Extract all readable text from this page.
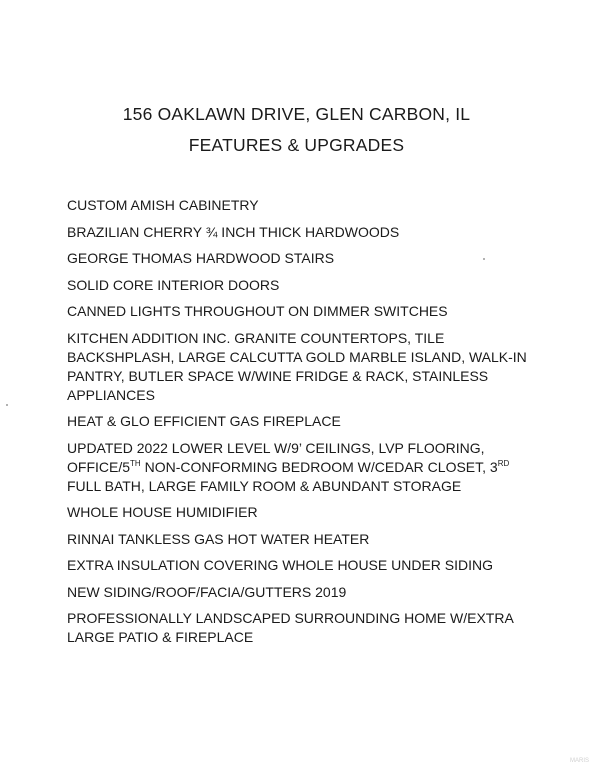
156 OAKLAWN DRIVE, GLEN CARBON, IL
FEATURES & UPGRADES
CUSTOM AMISH CABINETRY
BRAZILIAN CHERRY ¾ INCH THICK HARDWOODS
GEORGE THOMAS HARDWOOD STAIRS
SOLID CORE INTERIOR DOORS
CANNED LIGHTS THROUGHOUT ON DIMMER SWITCHES
KITCHEN ADDITION INC. GRANITE COUNTERTOPS, TILE
BACKSHPLASH, LARGE CALCUTTA GOLD MARBLE ISLAND, WALK-IN
PANTRY, BUTLER SPACE W/WINE FRIDGE & RACK, STAINLESS
APPLIANCES
HEAT & GLO EFFICIENT GAS FIREPLACE
UPDATED 2022 LOWER LEVEL W/9’ CEILINGS, LVP FLOORING,
OFFICE/5TH NON-CONFORMING BEDROOM W/CEDAR CLOSET, 3RD
FULL BATH, LARGE FAMILY ROOM & ABUNDANT STORAGE
WHOLE HOUSE HUMIDIFIER
RINNAI TANKLESS GAS HOT WATER HEATER
EXTRA INSULATION COVERING WHOLE HOUSE UNDER SIDING
NEW SIDING/ROOF/FACIA/GUTTERS 2019
PROFESSIONALLY LANDSCAPED SURROUNDING HOME W/EXTRA
LARGE PATIO & FIREPLACE
MARIS
